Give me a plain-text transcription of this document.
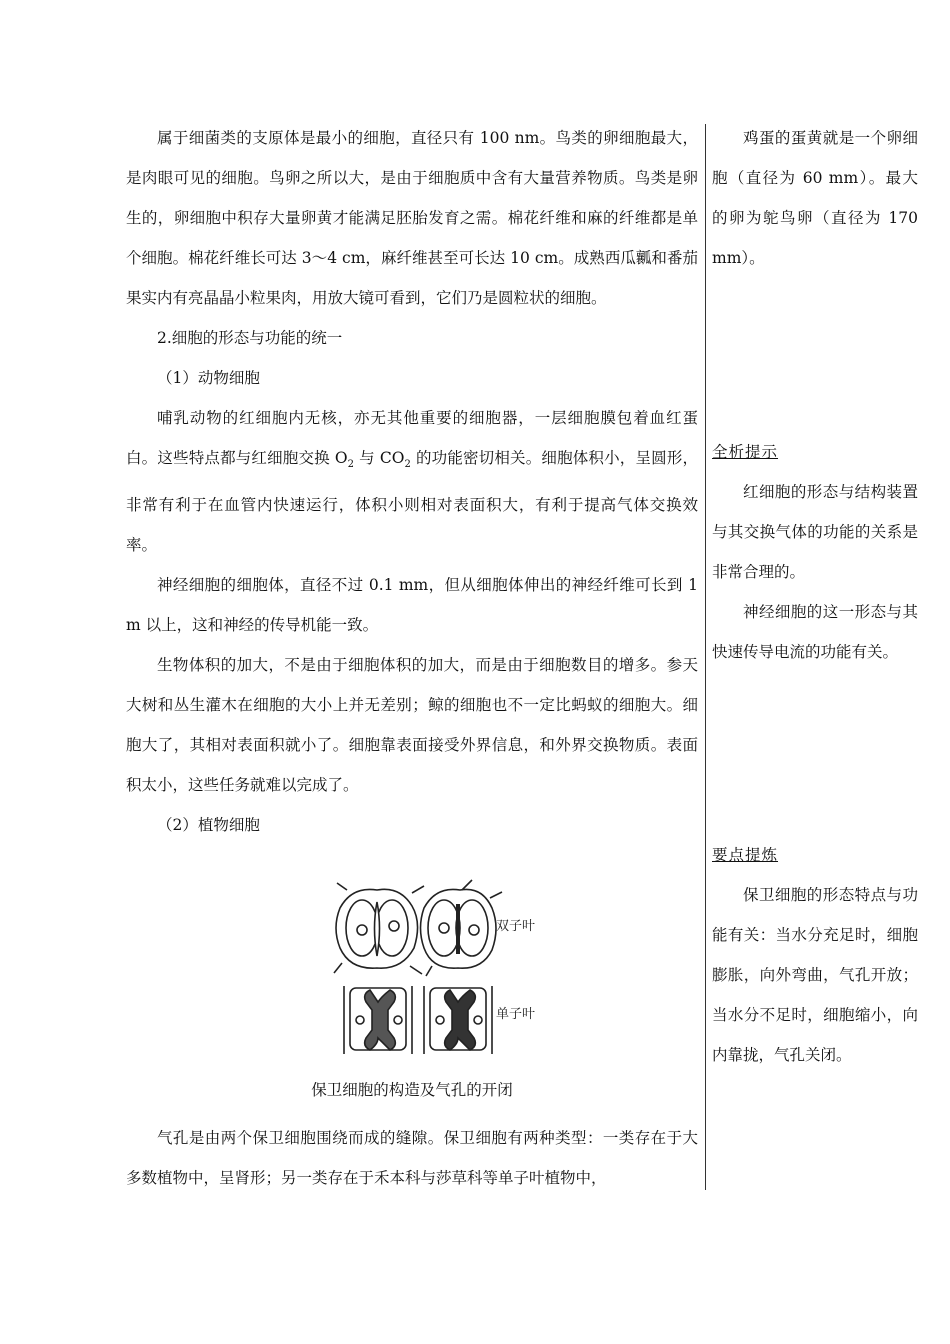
属于细菌类的支原体是最小的细胞，直径只有 100 nm。鸟类的卵细胞最大，是肉眼可见的细胞。鸟卵之所以大，是由于细胞质中含有大量营养物质。鸟类是卵生的，卵细胞中积存大量卵黄才能满足胚胎发育之需。棉花纤维和麻的纤维都是单个细胞。棉花纤维长可达 3～4 cm，麻纤维甚至可长达 10 cm。成熟西瓜瓤和番茄果实内有亮晶晶小粒果肉，用放大镜可看到，它们乃是圆粒状的细胞。

2.细胞的形态与功能的统一

（1）动物细胞

哺乳动物的红细胞内无核，亦无其他重要的细胞器，一层细胞膜包着血红蛋白。这些特点都与红细胞交换 $O_2$ 与 $CO_2$ 的功能密切相关。细胞体积小，呈圆形，非常有利于在血管内快速运行，体积小则相对表面积大，有利于提高气体交换效率。

神经细胞的细胞体，直径不过 0.1 mm，但从细胞体伸出的神经纤维可长到 1 m 以上，这和神经的传导机能一致。

生物体积的加大，不是由于细胞体积的加大，而是由于细胞数目的增多。参天大树和丛生灌木在细胞的大小上并无差别；鲸的细胞也不一定比蚂蚁的细胞大。细胞大了，其相对表面积就小了。细胞靠表面接受外界信息，和外界交换物质。表面积太小，这些任务就难以完成了。

（2）植物细胞

双子叶
单子叶
保卫细胞的构造及气孔的开闭

气孔是由两个保卫细胞围绕而成的缝隙。保卫细胞有两种类型：一类存在于大多数植物中，呈肾形；另一类存在于禾本科与莎草科等单子叶植物中，

鸡蛋的蛋黄就是一个卵细胞（直径为 60 mm）。最大的卵为鸵鸟卵（直径为 170 mm）。

全析提示

红细胞的形态与结构装置与其交换气体的功能的关系是非常合理的。

神经细胞的这一形态与其快速传导电流的功能有关。

要点提炼

保卫细胞的形态特点与功能有关：当水分充足时，细胞膨胀，向外弯曲，气孔开放；当水分不足时，细胞缩小，向内靠拢，气孔关闭。
